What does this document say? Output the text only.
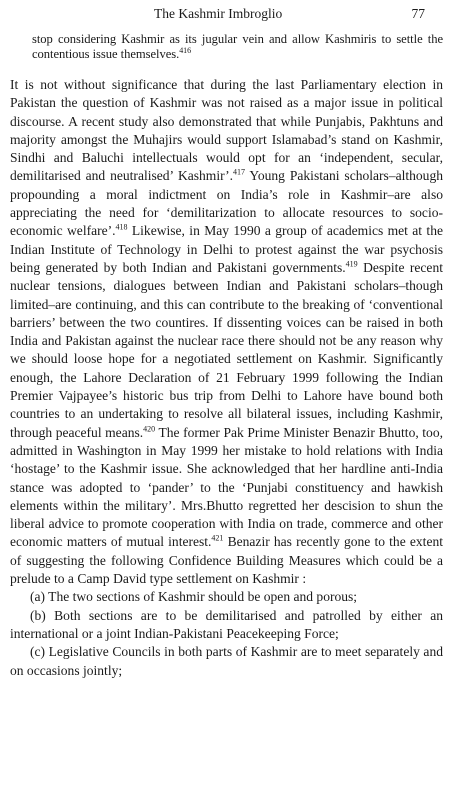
The Kashmir Imbroglio	77

stop considering Kashmir as its jugular vein and allow Kashmiris to settle the contentious issue themselves.$^{416}$

It is not without significance that during the last Parliamentary election in Pakistan the question of Kashmir was not raised as a major issue in political discourse. A recent study also demonstrated that while Punjabis, Pakhtuns and majority amongst the Muhajirs would support Islamabad’s stand on Kashmir, Sindhi and Baluchi intellectuals would opt for an ‘independent, secular, demilitarised and neutralised’ Kashmir’.$^{417}$ Young Pakistani scholars–although propounding a moral indictment on India’s role in Kashmir–are also appreciating the need for ‘demilitarization to allocate resources to socio-economic welfare’.$^{418}$ Likewise, in May 1990 a group of academics met at the Indian Institute of Technology in Delhi to protest against the war psychosis being generated by both Indian and Pakistani governments.$^{419}$ Despite recent nuclear tensions, dialogues between Indian and Pakistani scholars–though limited–are continuing, and this can contribute to the breaking of ‘conventional barriers’ between the two countires. If dissenting voices can be raised in both India and Pakistan against the nuclear race there should not be any reason why we should loose hope for a negotiated settlement on Kashmir. Significantly enough, the Lahore Declaration of 21 February 1999 following the Indian Premier Vajpayee’s historic bus trip from Delhi to Lahore have bound both countries to an undertaking to resolve all bilateral issues, including Kashmir, through peaceful means.$^{420}$ The former Pak Prime Minister Benazir Bhutto, too, admitted in Washington in May 1999 her mistake to hold relations with India ‘hostage’ to the Kashmir issue. She acknowledged that her hardline anti-India stance was adopted to ‘pander’ to the ‘Punjabi constituency and hawkish elements within the military’. Mrs.Bhutto regretted her descision to shun the liberal advice to promote cooperation with India on trade, commerce and other economic matters of mutual interest.$^{421}$ Benazir has recently gone to the extent of suggesting the following Confidence Building Measures which could be a prelude to a Camp David type settlement on Kashmir :

(a) The two sections of Kashmir should be open and porous;

(b) Both sections are to be demilitarised and patrolled by either an international or a joint Indian-Pakistani Peacekeeping Force;

(c) Legislative Councils in both parts of Kashmir are to meet separately and on occasions jointly;
